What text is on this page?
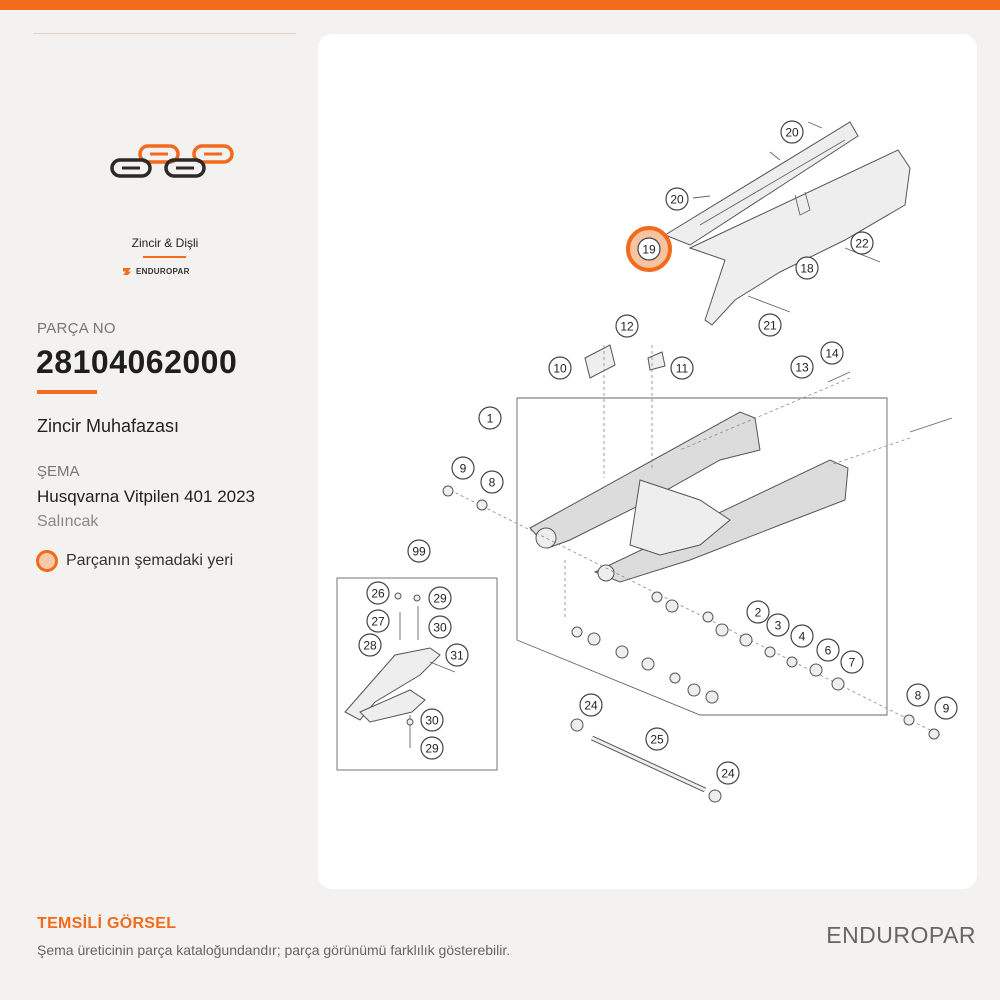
Zincir & Dişli
ENDUROPAR
PARÇA NO
28104062000
Zincir Muhafazası
ŞEMA
Husqvarna Vitpilen 401 2023
Salıncak
Parçanın şemadaki yeri
20
20
19	22
18
21
12
10	11	13
14
1
9
8
99
26	29
27	30
28
31
30
29
2
3
4
6
7
8
9
24
25
24
TEMSİLİ GÖRSEL
Şema üreticinin parça kataloğundandır; parça görünümü farklılık gösterebilir.
ENDUROPAR
